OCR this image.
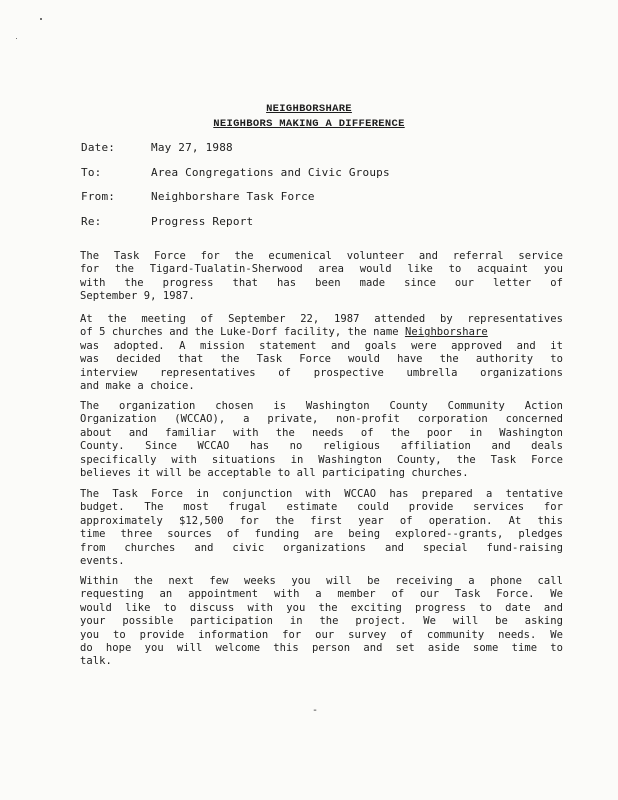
NEIGHBORSHARE
NEIGHBORS MAKING A DIFFERENCE
Date:	May 27, 1988
To:	Area Congregations and Civic Groups
From:	Neighborshare Task Force
Re:	Progress Report
The Task Force for the ecumenical volunteer and referral service
for the Tigard-Tualatin-Sherwood area would like to acquaint you
with the progress that has been made since our letter of
September 9, 1987.
At the meeting of September 22, 1987 attended by representatives
of 5 churches and the Luke-Dorf facility, the name Neighborshare
was adopted. A mission statement and goals were approved and it
was decided that the Task Force would have the authority to
interview representatives of prospective umbrella organizations
and make a choice.
The organization chosen is Washington County Community Action
Organization (WCCAO), a private, non-profit corporation concerned
about and familiar with the needs of the poor in Washington
County. Since WCCAO has no religious affiliation and deals
specifically with situations in Washington County, the Task Force
believes it will be acceptable to all participating churches.
The Task Force in conjunction with WCCAO has prepared a tentative
budget. The most frugal estimate could provide services for
approximately $12,500 for the first year of operation. At this
time three sources of funding are being explored--grants, pledges
from churches and civic organizations and special fund-raising
events.
Within the next few weeks you will be receiving a phone call
requesting an appointment with a member of our Task Force. We
would like to discuss with you the exciting progress to date and
your possible participation in the project. We will be asking
you to provide information for our survey of community needs. We
do hope you will welcome this person and set aside some time to
talk.
-
